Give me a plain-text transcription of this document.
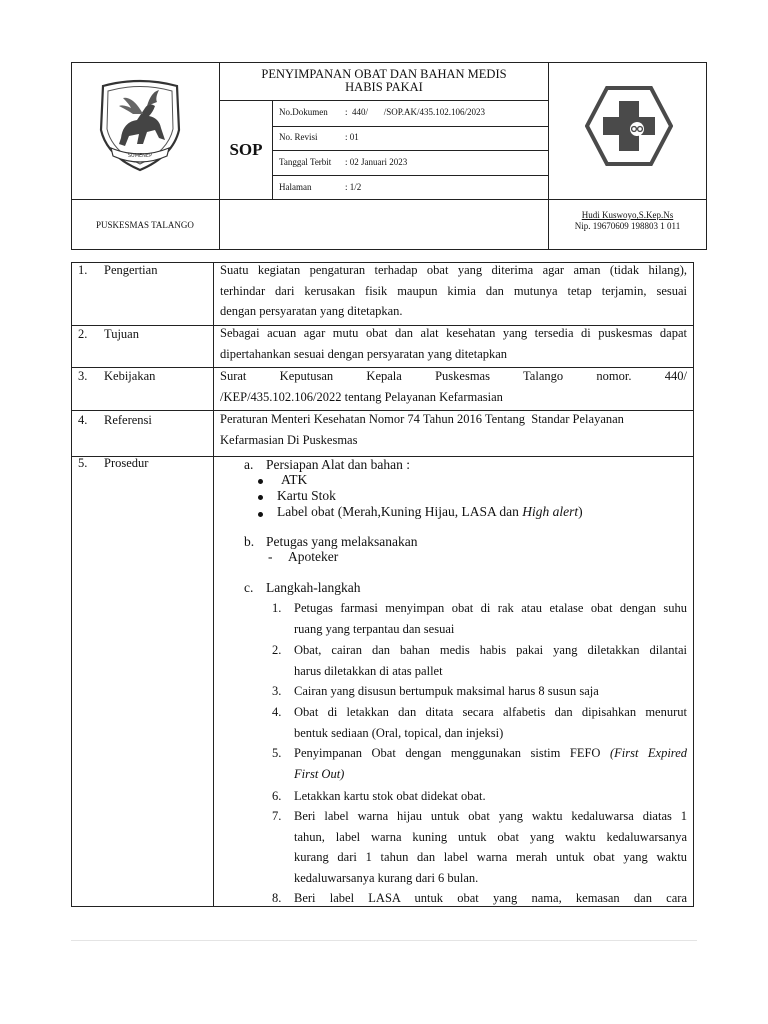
SUMENEP
PENYIMPANAN OBAT DAN BAHAN MEDIS
HABIS PAKAI
SOP
No.Dokumen :  440/       /SOP.AK/435.102.106/2023
No. Revisi	: 01
Tanggal Terbit : 02 Januari 2023
Halaman	: 1/2
PUSKESMAS TALANGO
Hudi Kuswoyo,S.Kep.Ns
Nip. 19670609 198803 1 011
1. Pengertian	Suatu kegiatan pengaturan terhadap obat yang diterima agar aman (tidak hilang),
terhindar dari kerusakan fisik maupun kimia dan mutunya tetap terjamin, sesuai
dengan persyaratan yang ditetapkan.
2. Tujuan	Sebagai acuan agar mutu obat dan alat kesehatan yang tersedia di puskesmas dapat
dipertahankan sesuai dengan persyaratan yang ditetapkan
3. Kebijakan	Surat     Keputusan     Kepala     Puskesmas     Talango     nomor.     440/
/KEP/435.102.106/2022 tentang Pelayanan Kefarmasian
4. Referensi	Peraturan Menteri Kesehatan Nomor 74 Tahun 2016 Tentang  Standar Pelayanan
Kefarmasian Di Puskesmas
5. Prosedur	a. Persiapan Alat dan bahan :
ATK
Kartu Stok
Label obat (Merah,Kuning Hijau, LASA dan High alert)
b. Petugas yang melaksanakan
- Apoteker
c. Langkah-langkah
1. Petugas farmasi menyimpan obat di rak atau etalase obat dengan suhu
ruang yang terpantau dan sesuai
2. Obat, cairan dan bahan medis habis pakai yang diletakkan dilantai
harus diletakkan di atas pallet
3. Cairan yang disusun bertumpuk maksimal harus 8 susun saja
4. Obat di letakkan dan ditata secara alfabetis dan dipisahkan menurut
bentuk sediaan (Oral, topical, dan injeksi)
5. Penyimpanan Obat dengan menggunakan sistim FEFO (First Expired
First Out)
6. Letakkan kartu stok obat didekat obat.
7. Beri label warna hijau untuk obat yang waktu kedaluwarsa diatas 1
tahun, label warna kuning untuk obat yang waktu kedaluwarsanya
kurang dari 1 tahun dan label warna merah untuk obat yang waktu
kedaluwarsanya kurang dari 6 bulan.
8. Beri    label    LASA    untuk    obat    yang    nama,    kemasan    dan    cara
